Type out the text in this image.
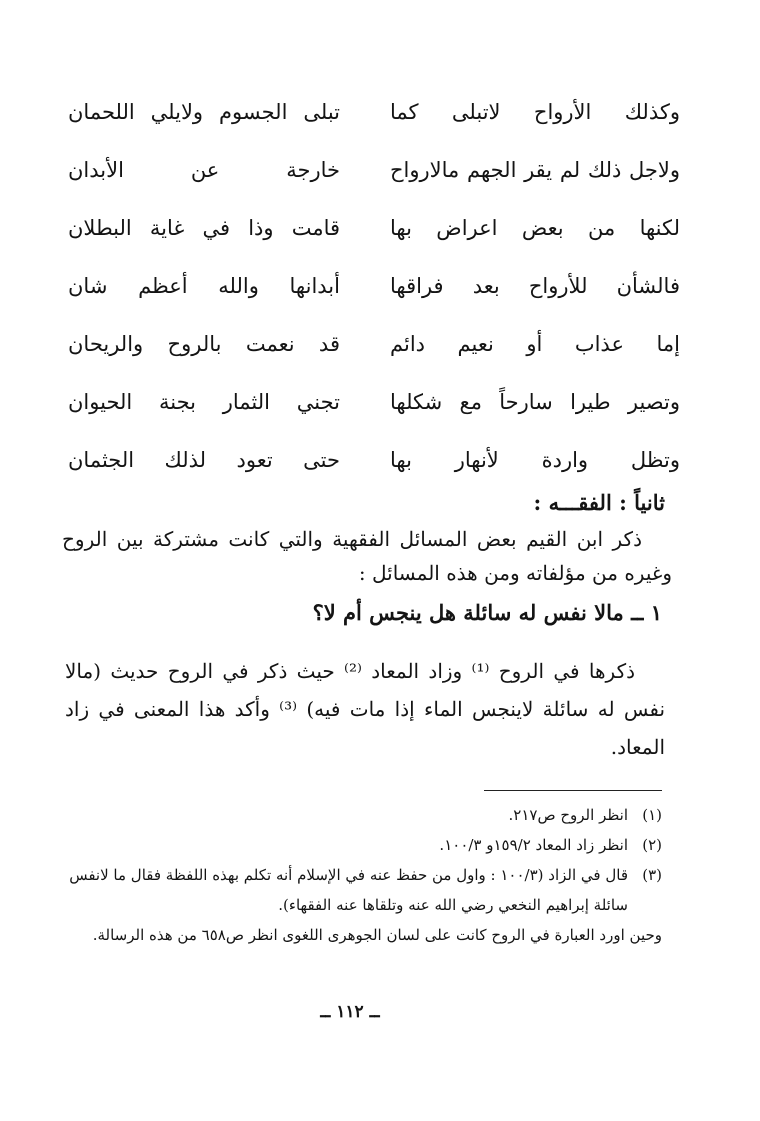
وكذلك الأرواح لاتبلى كما
تبلى الجسوم ولايلي اللحمان
ولاجل ذلك لم يقر الجهم مالارواح
خارجة عن الأبدان
لكنها من بعض اعراض بها
قامت وذا في غاية البطلان
فالشأن للأرواح بعد فراقها
أبدانها والله أعظم شان
إما عذاب أو نعيم دائم
قد نعمت بالروح والريحان
وتصير طيرا سارحاً مع شكلها
تجني الثمار بجنة الحيوان
وتظل واردة لأنهار بها
حتى تعود لذلك الجثمان
ثانياً : الفقـــه :
ذكر ابن القيم بعض المسائل الفقهية والتي كانت مشتركة بين الروح وغيره من مؤلفاته ومن هذه المسائل :
١ ــ مالا نفس له سائلة هل ينجس أم لا؟
ذكرها في الروح ⁽¹⁾ وزاد المعاد ⁽²⁾ حيث ذكر في الروح حديث (مالا نفس له سائلة لاينجس الماء إذا مات فيه) ⁽³⁾ وأكد هذا المعنى في زاد المعاد.
(١)
انظر الروح ص٢١٧.
(٢)
انظر زاد المعاد ١٥٩/٢و ١٠٠/٣.
(٣)
قال في الزاد (١٠٠/٣ : واول من حفظ عنه في الإسلام أنه تكلم بهذه اللفظة فقال ما لانفس سائلة إبراهيم النخعي رضي الله عنه وتلقاها عنه الفقهاء).
وحين اورد العبارة في الروح كانت على لسان الجوهرى اللغوى انظر ص٦٥٨ من هذه الرسالة.
ــ ١١٢ ــ
